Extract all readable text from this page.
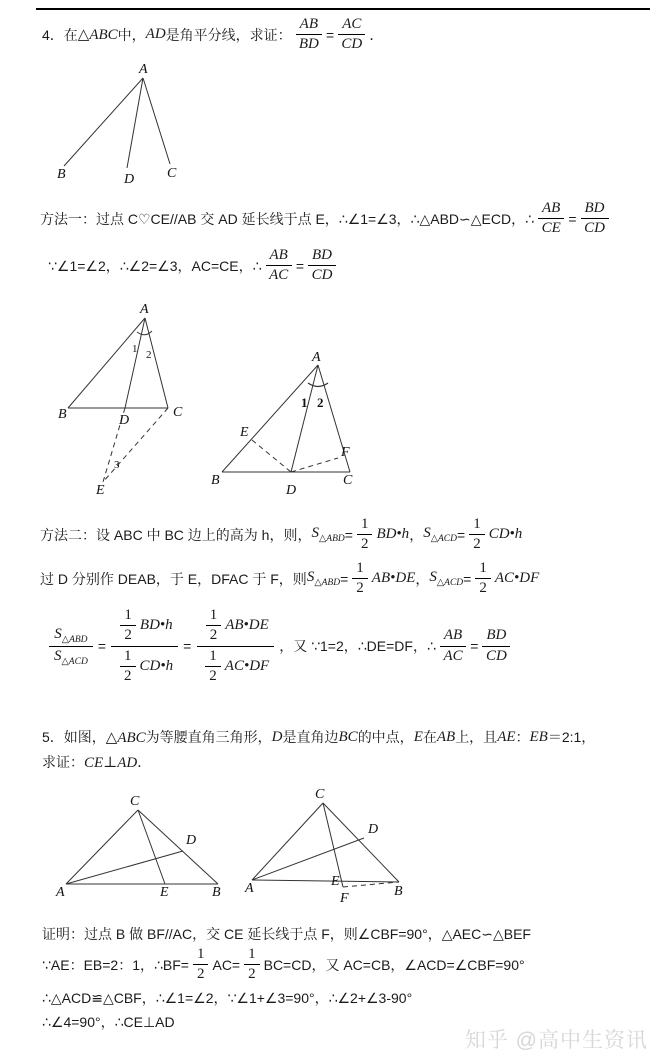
4．在 △ABC 中， AD 是角平分线，求证： $\frac{AB}{BD} = \frac{AC}{CD}$ ．
A
B	D C
方法一：过点 C♡CE//AB 交 AD 延长线于点 E，∴∠1=∠3，∴△ABD∽△ECD，∴ $\frac{AB}{CE} = \frac{BD}{CD}$
∵∠1=∠2，∴∠2=∠3，AC=CE，∴ $\frac{AB}{AC} = \frac{BD}{CD}$
A
B	D
C
E
1 2
3
A
B
D
C
E
F
1 2
方法二：设 ABC 中 BC 边上的高为 h，则， $S_{\triangle ABD} = \frac{1}{2}$ BD•h ， $S_{\triangle ACD} = \frac{1}{2}$ CD•h
过 D 分别作 DEAB，于 E，DFAC 于 F，则 $S_{\triangle ABD} = \frac{1}{2}$ AB•DE ， $S_{\triangle ACD} = \frac{1}{2}$ AC•DF
$S_{\triangle ABD}$
$S_{\triangle ACD}$
= $\frac{\frac{1}{2} BD•h}{\frac{1}{2} CD•h} = \frac{\frac{1}{2} AB•DE}{\frac{1}{2} AC•DF}$ ，又 ∵1=2，∴DE=DF，∴ $\frac{AB}{AC} = \frac{BD}{CD}$
5．如图， △ABC 为等腰直角三角形， D 是直角边 BC 的中点， E 在 AB 上，且 AE ： EB ＝2:1，
求证： CE⊥AD ．
C
A	B
D
E
C
A	B
D
E
F
证明：过点 B 做 BF//AC，交 CE 延长线于点 F，则∠CBF=90°，△AEC∽△BEF
∵AE：EB=2：1，∴BF= $\frac{1}{2} AC= \frac{1}{2} BC=CD$，又 AC=CB，∠ACD=∠CBF=90°
∴△ACD≌△CBF，∴∠1=∠2，∵∠1+∠3=90°，∴∠2+∠3-90°
∴∠4=90°，∴CE⊥AD
知乎 @高中生资讯
